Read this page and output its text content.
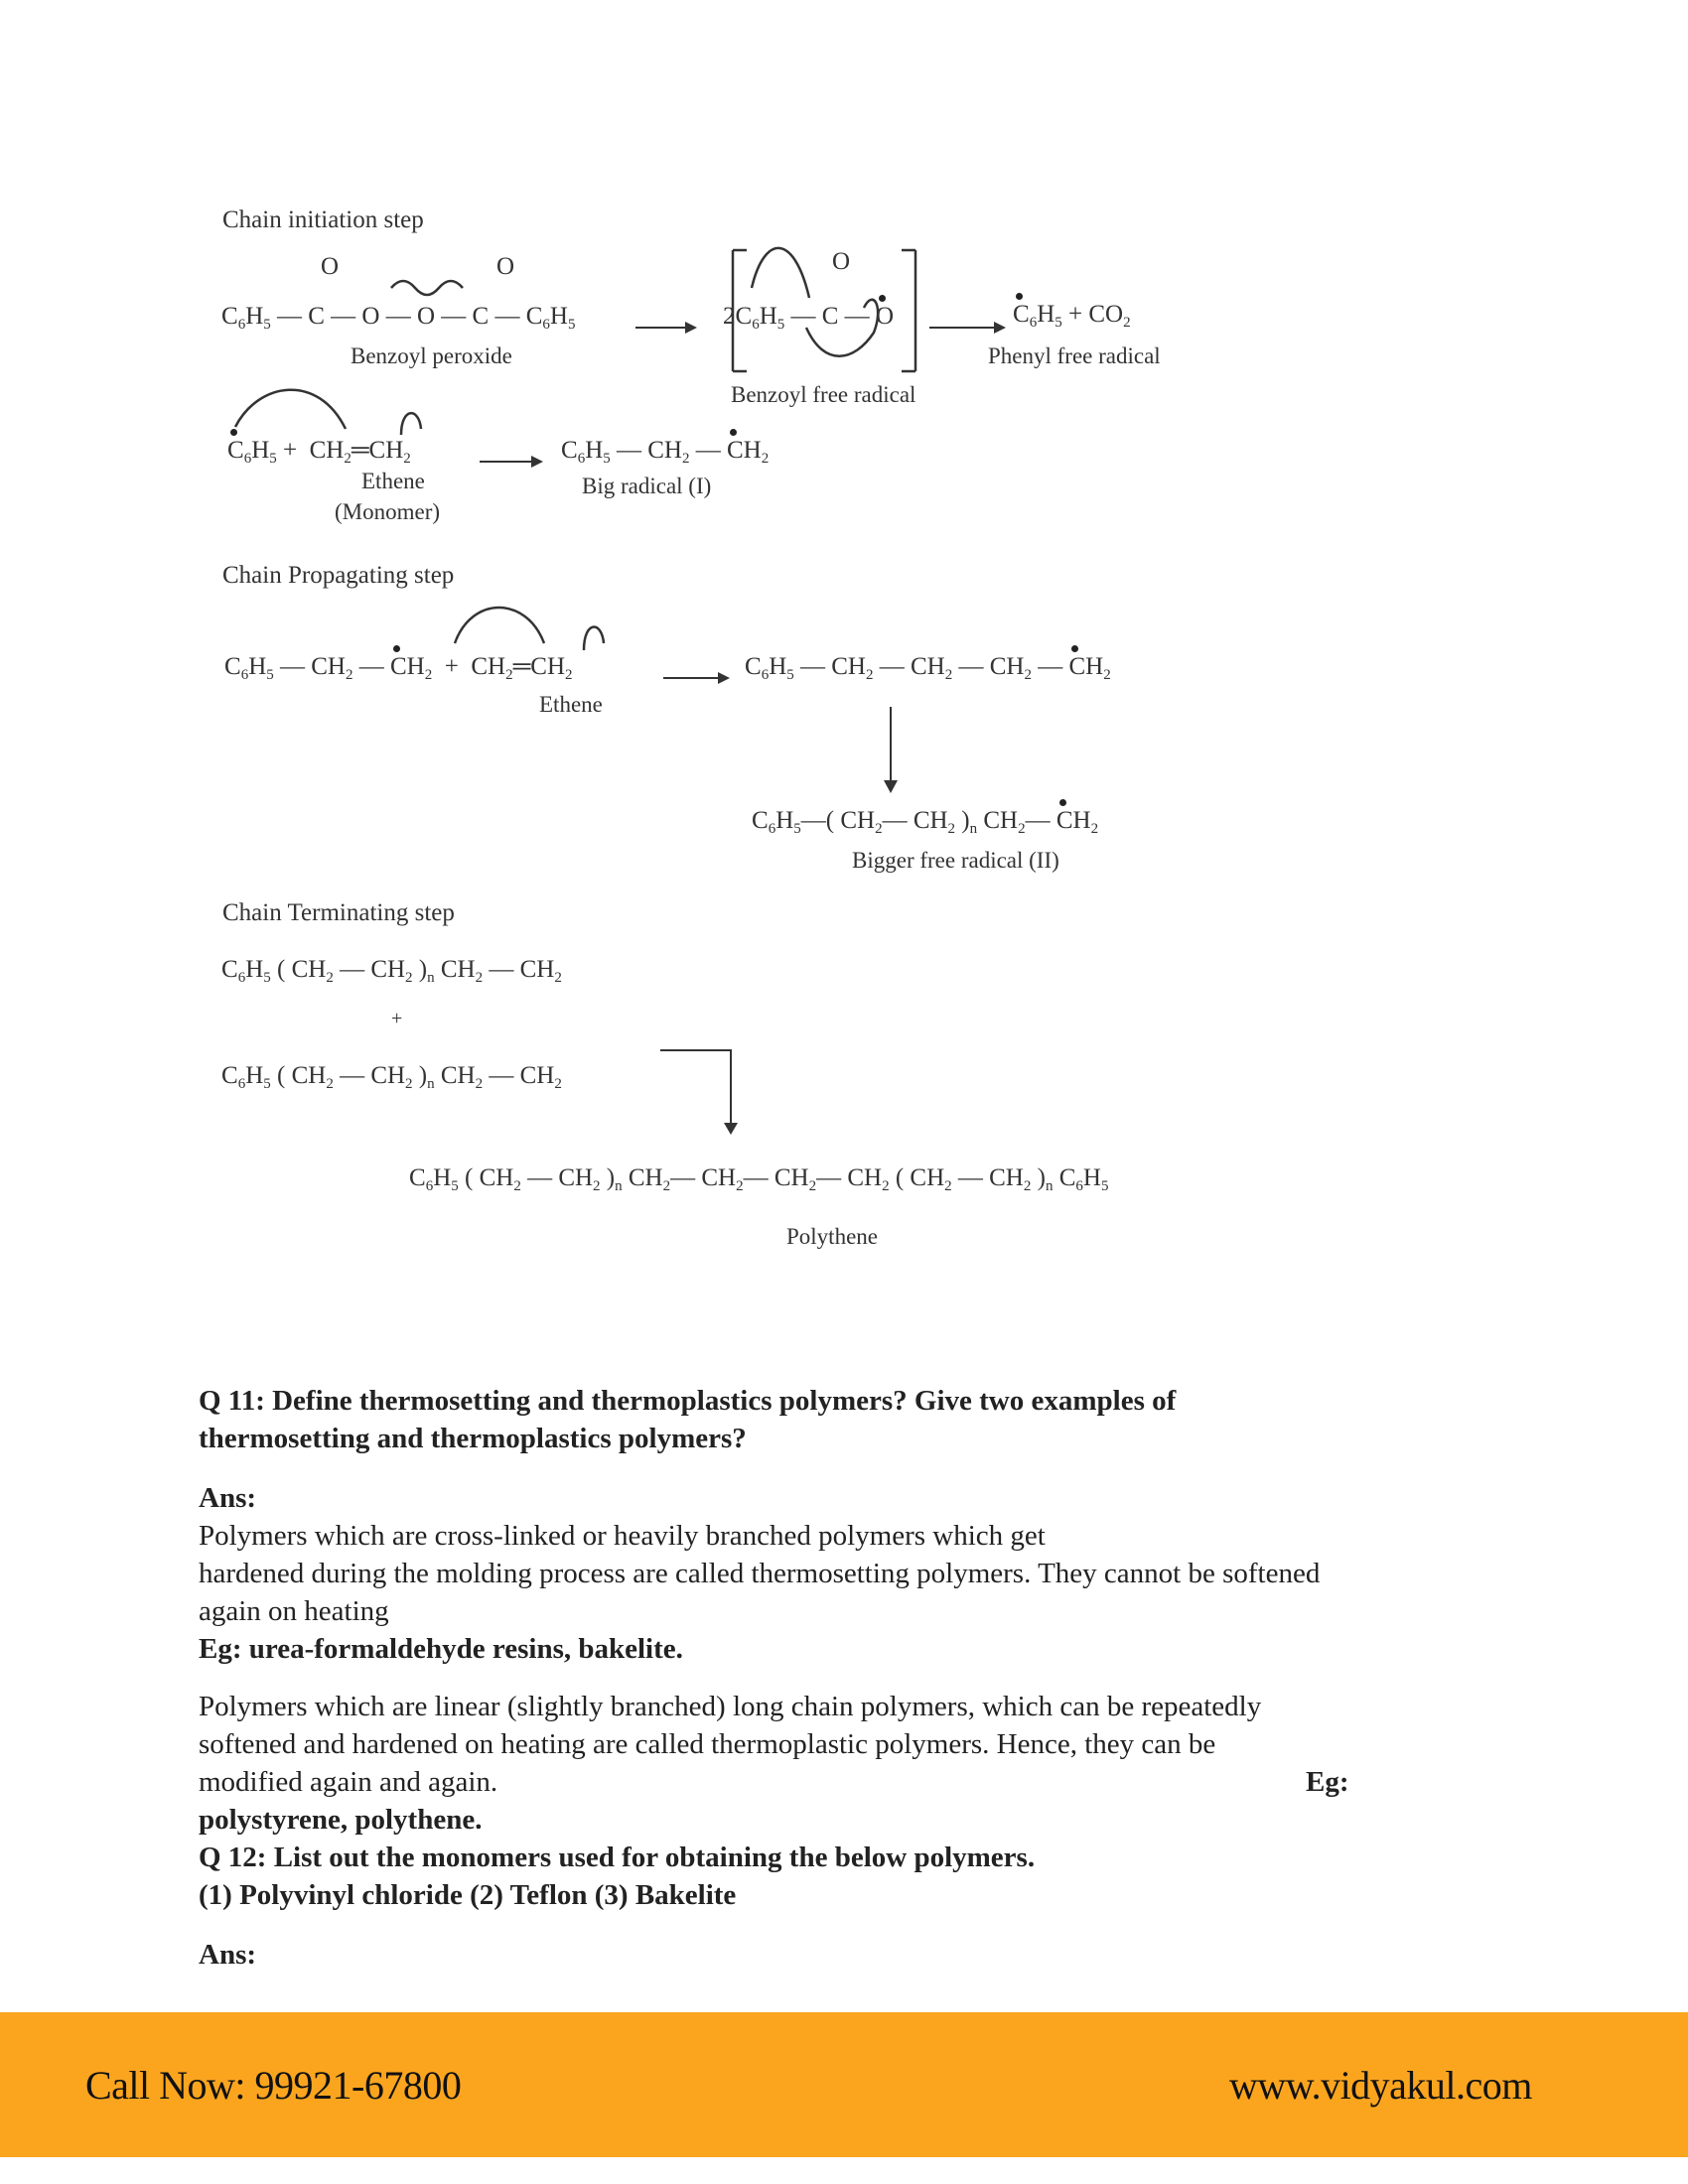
Chain initiation step
$C_6H_5$ — C — O — O — C — $C_6H_5$
O	O
Benzoyl peroxide
$2C_6H_5$ — C — O
O
Benzoyl free radical
$C_6H_5 + CO_2$
Phenyl free radical
$C_6H_5$ +  $CH_2═CH_2$	$C_6H_5$ — $CH_2$ — $CH_2$
Ethene
(Monomer)
Big radical (I)
Chain Propagating step
$C_6H_5$ — $CH_2$ — $CH_2$  +  $CH_2═CH_2$	$C_6H_5$ — $CH_2$ — $CH_2$ — $CH_2$ — $CH_2$
Ethene
$C_6H_5—$( $CH_2—$ $CH_2$ )$_n$ $CH_2—$ $CH_2$
Bigger free radical (II)
Chain Terminating step
$C_6H_5$ ( $CH_2$ — $CH_2$ )$_n$ $CH_2$ — $CH_2$
+
$C_6H_5$ ( $CH_2$ — $CH_2$ )$_n$ $CH_2$ — $CH_2$
$C_6H_5$ ( $CH_2$ — $CH_2$ )$_n$ $CH_2—$ $CH_2—$ $CH_2—$ $CH_2$ ( $CH_2$ — $CH_2$ )$_n$ $C_6H_5$
Polythene
Q 11: Define thermosetting and thermoplastics polymers? Give two examples of
thermosetting and thermoplastics polymers?
Ans:
Polymers which are cross-linked or heavily branched polymers which get
hardened during the molding process are called thermosetting polymers. They cannot be softened
again on heating
Eg: urea-formaldehyde resins, bakelite.
Polymers which are linear (slightly branched) long chain polymers, which can be repeatedly
softened and hardened on heating are called thermoplastic polymers. Hence, they can be
modified again and again.	Eg:
polystyrene, polythene.
Q 12: List out the monomers used for obtaining the below polymers.
(1) Polyvinyl chloride (2) Teflon (3) Bakelite
Ans:
Call Now: 99921-67800	www.vidyakul.com
